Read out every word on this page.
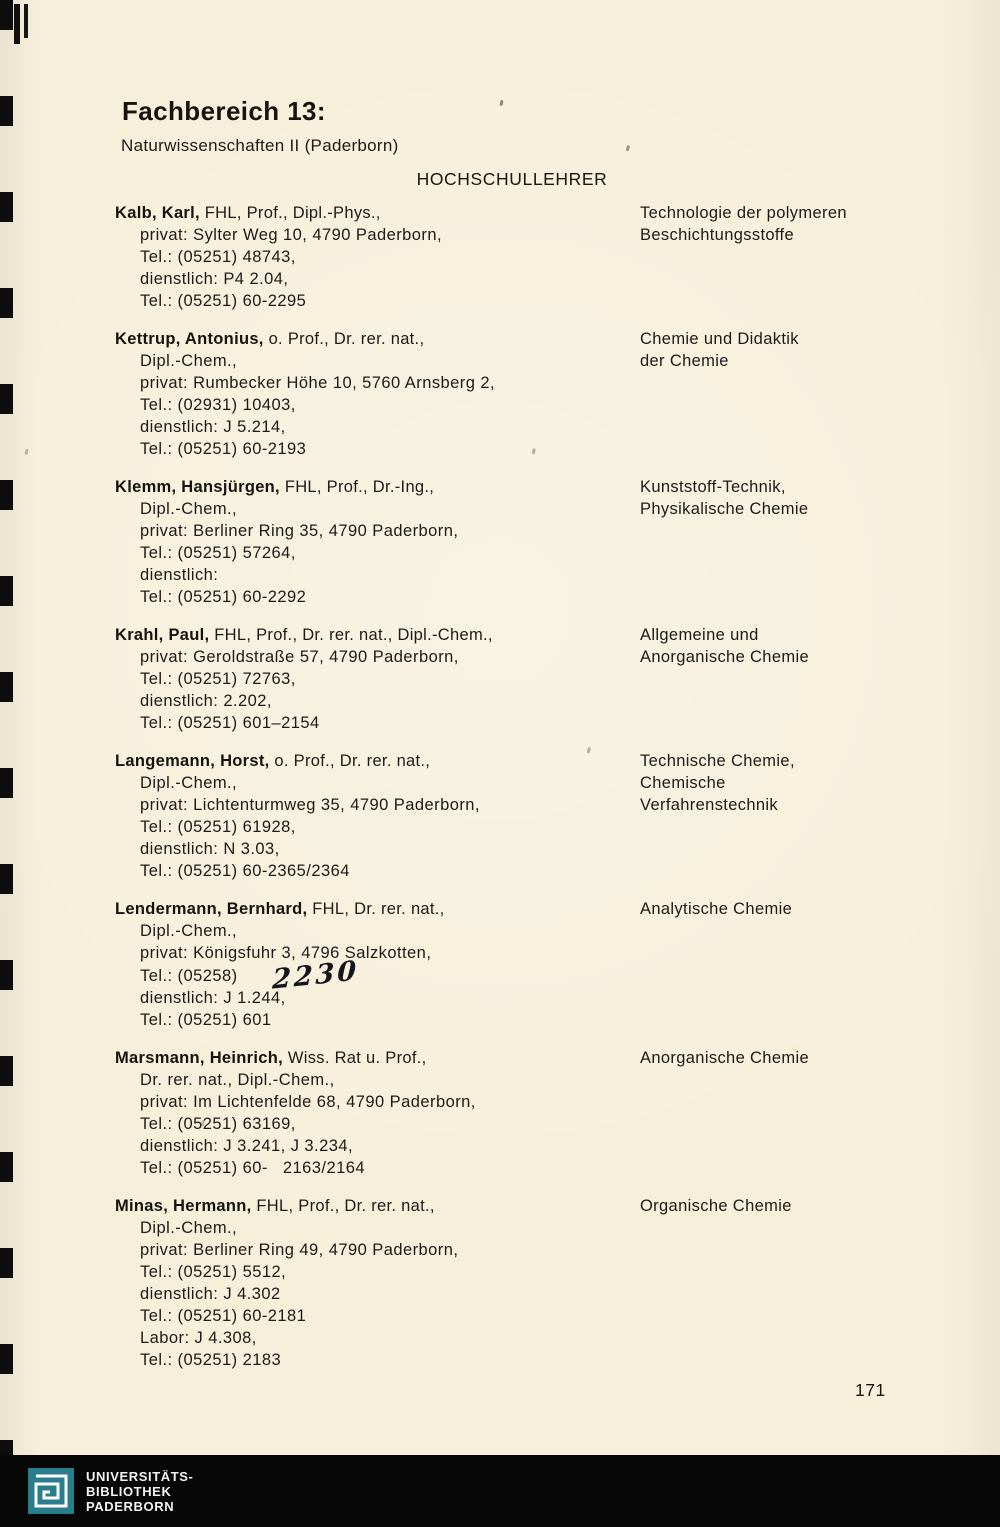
Fachbereich 13:
Naturwissenschaften II (Paderborn)
HOCHSCHULLEHRER
Kalb, Karl, FHL, Prof., Dipl.-Phys.,
privat: Sylter Weg 10, 4790 Paderborn,
Tel.: (05251) 48743,
dienstlich: P4 2.04,
Tel.: (05251) 60-2295
Technologie der polymeren
Beschichtungsstoffe
Kettrup, Antonius, o. Prof., Dr. rer. nat.,
Dipl.-Chem.,
privat: Rumbecker Höhe 10, 5760 Arnsberg 2,
Tel.: (02931) 10403,
dienstlich: J 5.214,
Tel.: (05251) 60-2193
Chemie und Didaktik
der Chemie
Klemm, Hansjürgen, FHL, Prof., Dr.-Ing.,
Dipl.-Chem.,
privat: Berliner Ring 35, 4790 Paderborn,
Tel.: (05251) 57264,
dienstlich:
Tel.: (05251) 60-2292
Kunststoff-Technik,
Physikalische Chemie
Krahl, Paul, FHL, Prof., Dr. rer. nat., Dipl.-Chem.,
privat: Geroldstraße 57, 4790 Paderborn,
Tel.: (05251) 72763,
dienstlich: 2.202,
Tel.: (05251) 601–2154
Allgemeine und
Anorganische Chemie
Langemann, Horst, o. Prof., Dr. rer. nat.,
Dipl.-Chem.,
privat: Lichtenturmweg 35, 4790 Paderborn,
Tel.: (05251) 61928,
dienstlich: N 3.03,
Tel.: (05251) 60-2365/2364
Technische Chemie,
Chemische
Verfahrenstechnik
Lendermann, Bernhard, FHL, Dr. rer. nat.,
Dipl.-Chem.,
privat: Königsfuhr 3, 4796 Salzkotten,
Tel.: (05258) 2230
dienstlich: J 1.244,
Tel.: (05251) 601
Analytische Chemie
Marsmann, Heinrich, Wiss. Rat u. Prof.,
Dr. rer. nat., Dipl.-Chem.,
privat: Im Lichtenfelde 68, 4790 Paderborn,
Tel.: (05251) 63169,
dienstlich: J 3.241, J 3.234,
Tel.: (05251) 60-   2163/2164
Anorganische Chemie
Minas, Hermann, FHL, Prof., Dr. rer. nat.,
Dipl.-Chem.,
privat: Berliner Ring 49, 4790 Paderborn,
Tel.: (05251) 5512,
dienstlich: J 4.302
Tel.: (05251) 60-2181
Labor: J 4.308,
Tel.: (05251) 2183
Organische Chemie
171
UNIVERSITÄTS-
BIBLIOTHEK
PADERBORN
